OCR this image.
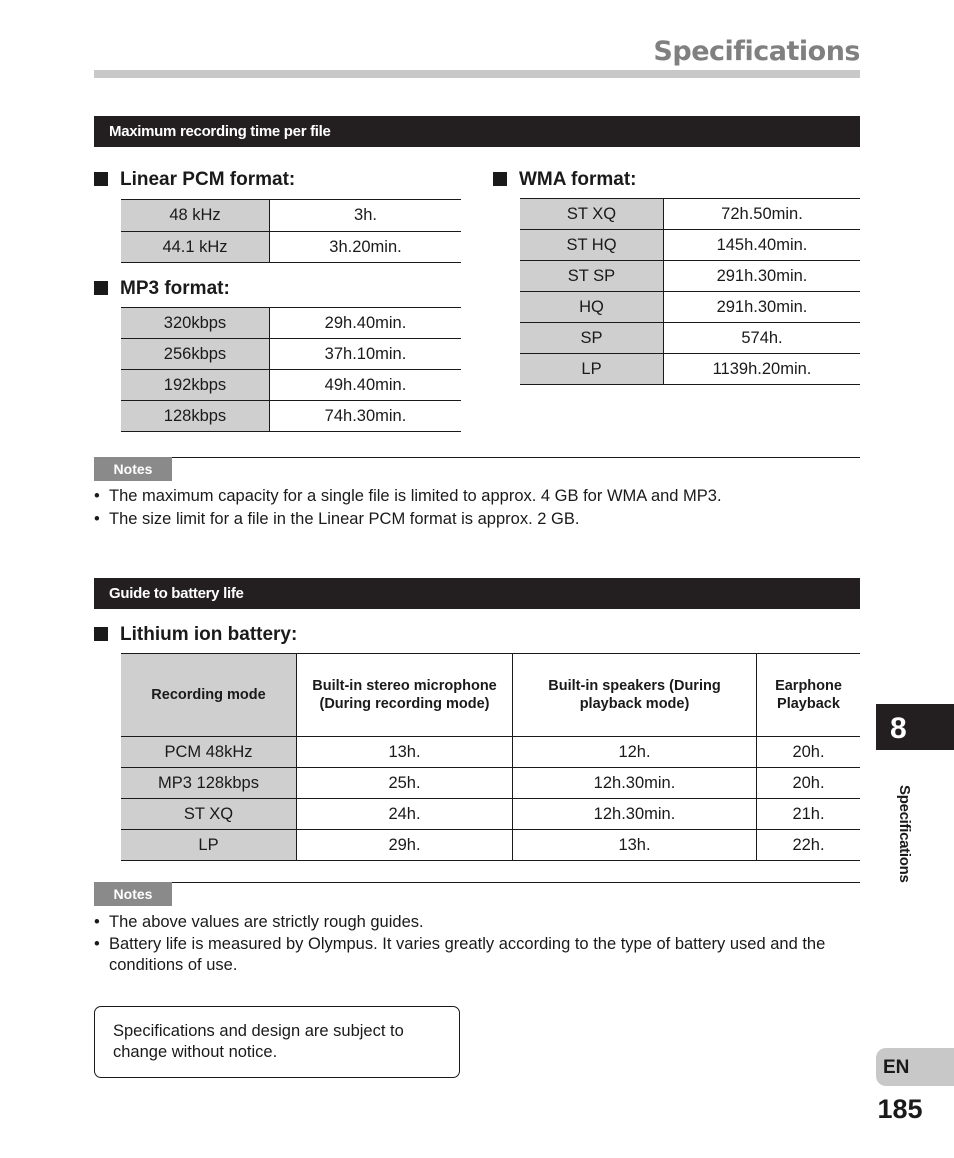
Specifications
Maximum recording time per file
Linear PCM format:
48 kHz	3h.
44.1 kHz	3h.20min.
MP3 format:
320kbps	29h.40min.
256kbps	37h.10min.
192kbps	49h.40min.
128kbps	74h.30min.
WMA format:
ST XQ	72h.50min.
ST HQ	145h.40min.
ST SP	291h.30min.
HQ	291h.30min.
SP	574h.
LP	1139h.20min.
Notes
• The maximum capacity for a single file is limited to approx. 4 GB for WMA and MP3.
• The size limit for a file in the Linear PCM format is approx. 2 GB.
Guide to battery life
Lithium ion battery:
Recording mode	Built-in stereo microphone (During recording mode)	Built-in speakers (During playback mode)	Earphone Playback
PCM 48kHz	13h.	12h.	20h.
MP3 128kbps	25h.	12h.30min.	20h.
ST XQ	24h.	12h.30min.	21h.
LP	29h.	13h.	22h.
Notes
• The above values are strictly rough guides.
• Battery life is measured by Olympus. It varies greatly according to the type of battery used and the conditions of use.
Specifications and design are subject to change without notice.
8
Specifications
EN
185
